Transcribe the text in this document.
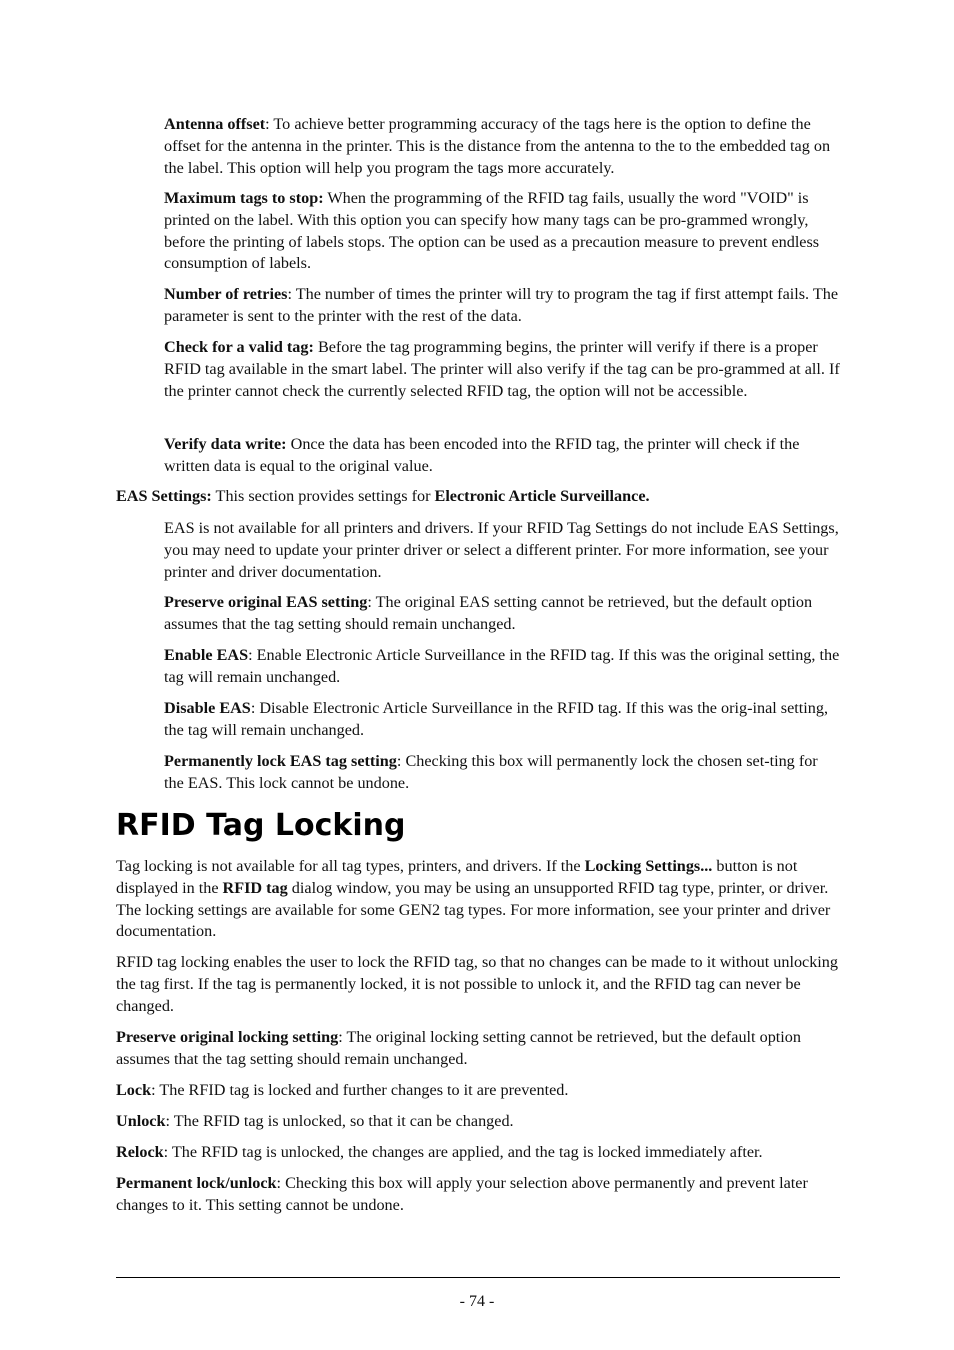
Antenna offset: To achieve better programming accuracy of the tags here is the option to define the offset for the antenna in the printer. This is the distance from the antenna to the to the embedded tag on the label. This option will help you program the tags more accurately.

Maximum tags to stop: When the programming of the RFID tag fails, usually the word "VOID" is printed on the label. With this option you can specify how many tags can be pro-grammed wrongly, before the printing of labels stops. The option can be used as a precaution measure to prevent endless consumption of labels.

Number of retries: The number of times the printer will try to program the tag if first attempt fails. The parameter is sent to the printer with the rest of the data.

Check for a valid tag: Before the tag programming begins, the printer will verify if there is a proper RFID tag available in the smart label. The printer will also verify if the tag can be pro-grammed at all. If the printer cannot check the currently selected RFID tag, the option will not be accessible.

Verify data write: Once the data has been encoded into the RFID tag, the printer will check if the written data is equal to the original value.

EAS Settings: This section provides settings for Electronic Article Surveillance.

EAS is not available for all printers and drivers. If your RFID Tag Settings do not include EAS Settings, you may need to update your printer driver or select a different printer. For more information, see your printer and driver documentation.

Preserve original EAS setting: The original EAS setting cannot be retrieved, but the default option assumes that the tag setting should remain unchanged.

Enable EAS: Enable Electronic Article Surveillance in the RFID tag. If this was the original setting, the tag will remain unchanged.

Disable EAS: Disable Electronic Article Surveillance in the RFID tag. If this was the orig-inal setting, the tag will remain unchanged.

Permanently lock EAS tag setting: Checking this box will permanently lock the chosen set-ting for the EAS. This lock cannot be undone.

RFID Tag Locking

Tag locking is not available for all tag types, printers, and drivers. If the Locking Settings... button is not displayed in the RFID tag dialog window, you may be using an unsupported RFID tag type, printer, or driver. The locking settings are available for some GEN2 tag types. For more information, see your printer and driver documentation.

RFID tag locking enables the user to lock the RFID tag, so that no changes can be made to it without unlocking the tag first. If the tag is permanently locked, it is not possible to unlock it, and the RFID tag can never be changed.

Preserve original locking setting: The original locking setting cannot be retrieved, but the default option assumes that the tag setting should remain unchanged.

Lock: The RFID tag is locked and further changes to it are prevented.

Unlock: The RFID tag is unlocked, so that it can be changed.

Relock: The RFID tag is unlocked, the changes are applied, and the tag is locked immediately after.

Permanent lock/unlock: Checking this box will apply your selection above permanently and prevent later changes to it. This setting cannot be undone.

- 74 -
